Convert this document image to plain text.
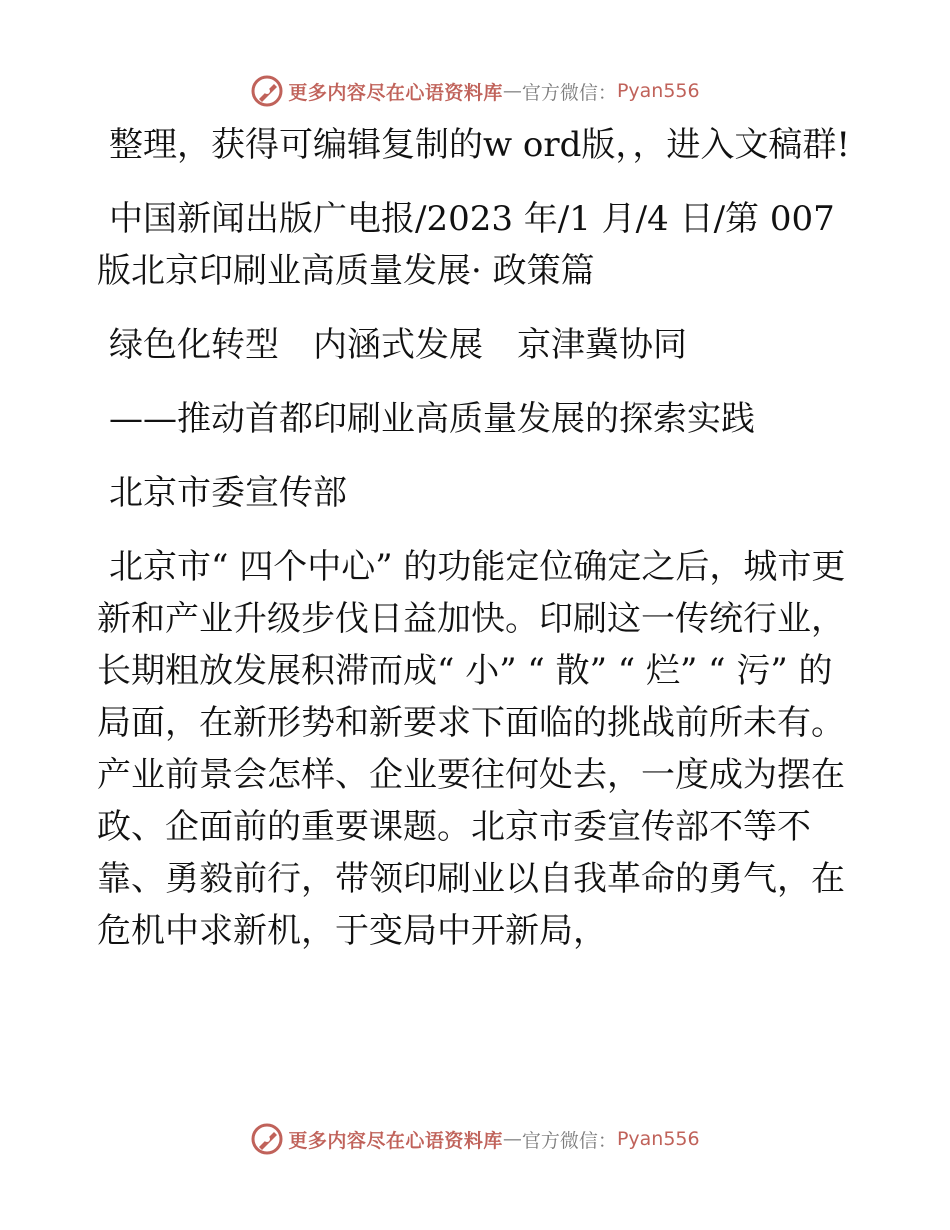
更多内容尽在心语资料库 — 官方微信： Pyan556

整理，获得可编辑复制的w ord版，，进入文稿群!

中国新闻出版广电报/2023 年/1 月/4 日/第 007版北京印刷业高质量发展· 政策篇

绿色化转型　内涵式发展　京津冀协同

——推动首都印刷业高质量发展的探索实践

北京市委宣传部

北京市“ 四个中心” 的功能定位确定之后，城市更新和产业升级步伐日益加快。印刷这一传统行业，长期粗放发展积滞而成“ 小” “ 散” “ 烂” “ 污” 的局面，在新形势和新要求下面临的挑战前所未有。产业前景会怎样、企业要往何处去，一度成为摆在政、企面前的重要课题。北京市委宣传部不等不靠、勇毅前行，带领印刷业以自我革命的勇气，在危机中求新机，于变局中开新局，

更多内容尽在心语资料库 — 官方微信： Pyan556
